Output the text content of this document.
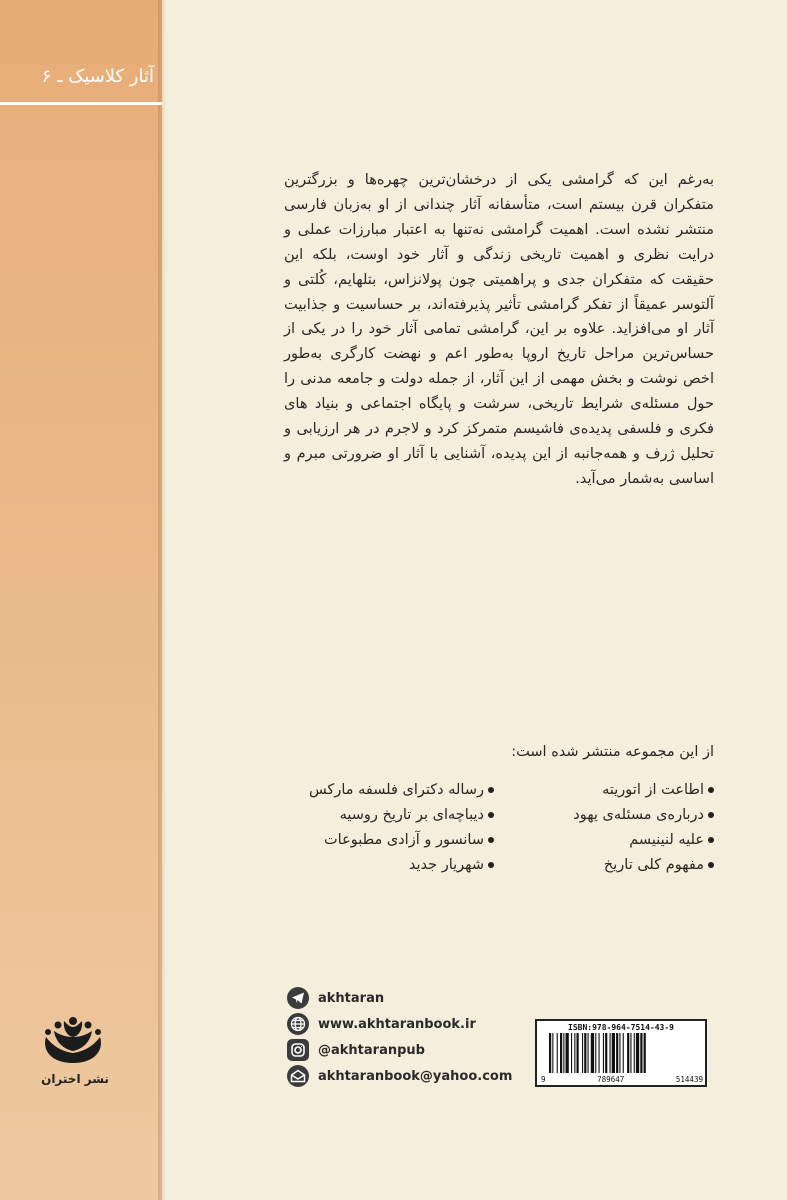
آثار کلاسیک ـ ۶
نشر اختران
به‌رغم این که گرامشی یکی از درخشان‌ترین چهره‌ها و بزرگترین متفکران قرن بیستم است، متأسفانه آثار چندانی از او به‌زبان فارسی منتشر نشده است. اهمیت گرامشی نه‌تنها به اعتبار مبارزات عملی و درایت نظری و اهمیت تاریخی زندگی و آثار خود اوست، بلکه این حقیقت که متفکران جدی و پراهمیتی چون پولانزاس، بتلهایم، کُلتی و آلتوسر عمیقاً از تفکر گرامشی تأثیر پذیرفته‌اند، بر حساسیت و جذابیت آثار او می‌افزاید. علاوه بر این، گرامشی تمامی آثار خود را در یکی از حساس‌ترین مراحل تاریخ اروپا به‌طور اعم و نهضت کارگری به‌طور اخص نوشت و بخش مهمی از این آثار، از جمله دولت و جامعه مدنی را حول مسئله‌ی شرایط تاریخی، سرشت و پایگاه اجتماعی و بنیاد های فکری و فلسفی پدیده‌ی فاشیسم متمرکز کرد و لاجرم در هر ارزیابی و تحلیل ژرف و همه‌جانبه از این پدیده، آشنایی با آثار او ضرورتی مبرم و اساسی به‌شمار می‌آید.
از این مجموعه منتشر شده است:
اطاعت از اتوریته
درباره‌ی مسئله‌ی یهود
علیه لنینیسم
مفهوم کلی تاریخ
رساله دکترای فلسفه مارکس
دیباچه‌ای بر تاریخ روسیه
سانسور و آزادی مطبوعات
شهریار جدید
akhtaran
www.akhtaranbook.ir
@akhtaranpub
akhtaranbook@yahoo.com
ISBN:978-964-7514-43-9
9	789647	514439
